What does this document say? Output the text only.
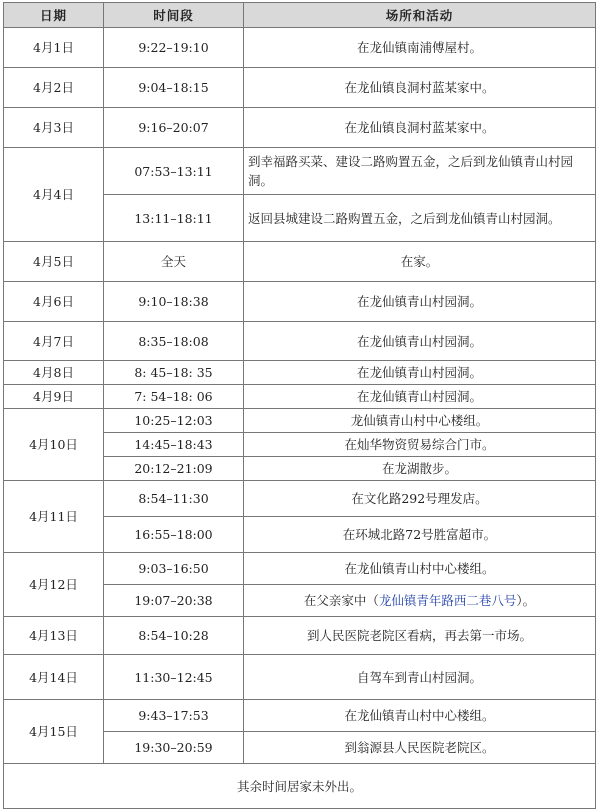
日期	时间段	场所和活动
4月1日	9:22–19:10	在龙仙镇南浦傅屋村。
4月2日	9:04–18:15	在龙仙镇良洞村蓝某家中。
4月3日	9:16–20:07	在龙仙镇良洞村蓝某家中。
4月4日	07:53–13:11	到幸福路买菜、建设二路购置五金，之后到龙仙镇青山村园洞。
	13:11–18:11	返回县城建设二路购置五金，之后到龙仙镇青山村园洞。
4月5日	全天	在家。
4月6日	9:10–18:38	在龙仙镇青山村园洞。
4月7日	8:35–18:08	在龙仙镇青山村园洞。
4月8日	8: 45–18: 35	在龙仙镇青山村园洞。
4月9日	7: 54–18: 06	在龙仙镇青山村园洞。
4月10日	10:25–12:03	龙仙镇青山村中心楼组。
	14:45–18:43	在灿华物资贸易综合门市。
	20:12–21:09	在龙湖散步。
4月11日	8:54–11:30	在文化路292号理发店。
	16:55–18:00	在环城北路72号胜富超市。
4月12日	9:03–16:50	在龙仙镇青山村中心楼组。
	19:07–20:38	在父亲家中（龙仙镇青年路西二巷八号）。
4月13日	8:54–10:28	到人民医院老院区看病，再去第一市场。
4月14日	11:30–12:45	自驾车到青山村园洞。
4月15日	9:43–17:53	在龙仙镇青山村中心楼组。
	19:30–20:59	到翁源县人民医院老院区。
其余时间居家未外出。		
